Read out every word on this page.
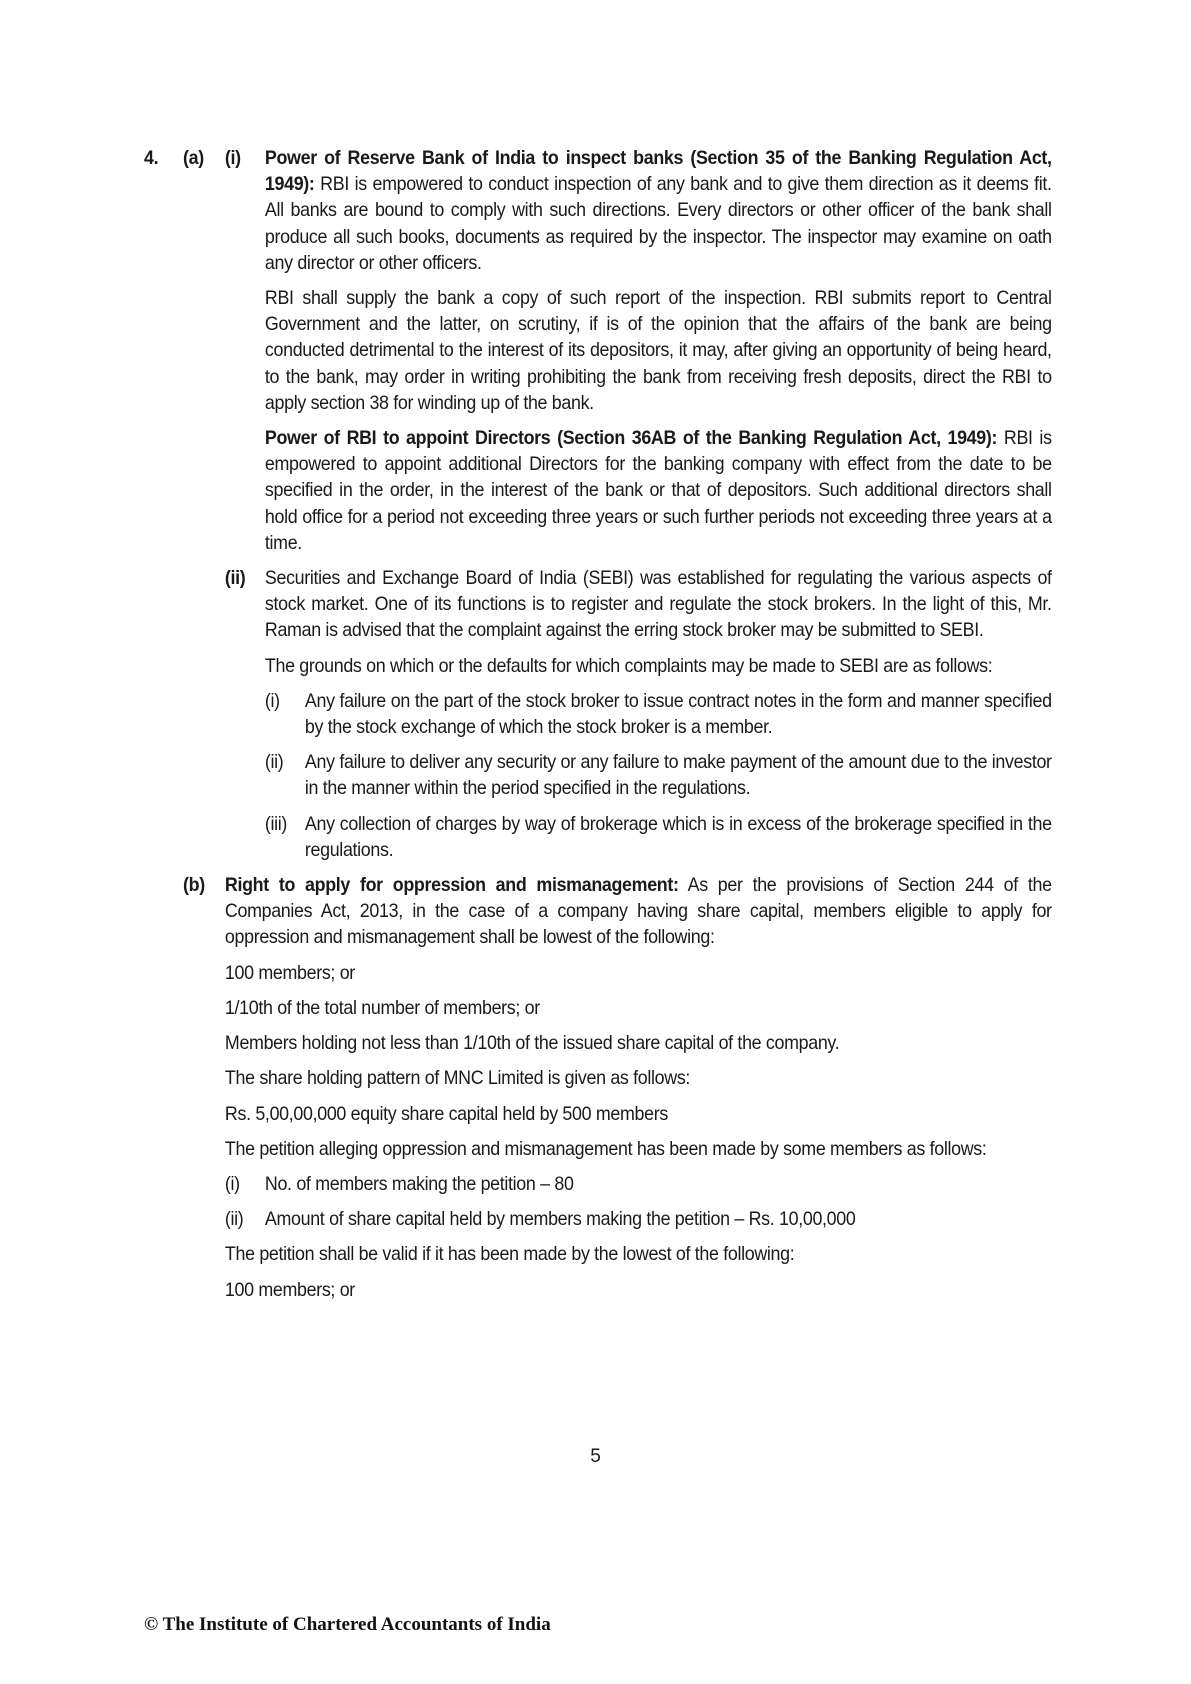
4. (a) (i) Power of Reserve Bank of India to inspect banks (Section 35 of the Banking Regulation Act, 1949): RBI is empowered to conduct inspection of any bank and to give them direction as it deems fit. All banks are bound to comply with such directions. Every directors or other officer of the bank shall produce all such books, documents as required by the inspector. The inspector may examine on oath any director or other officers.

RBI shall supply the bank a copy of such report of the inspection. RBI submits report to Central Government and the latter, on scrutiny, if is of the opinion that the affairs of the bank are being conducted detrimental to the interest of its depositors, it may, after giving an opportunity of being heard, to the bank, may order in writing prohibiting the bank from receiving fresh deposits, direct the RBI to apply section 38 for winding up of the bank.

Power of RBI to appoint Directors (Section 36AB of the Banking Regulation Act, 1949): RBI is empowered to appoint additional Directors for the banking company with effect from the date to be specified in the order, in the interest of the bank or that of depositors. Such additional directors shall hold office for a period not exceeding three years or such further periods not exceeding three years at a time.

(ii) Securities and Exchange Board of India (SEBI) was established for regulating the various aspects of stock market. One of its functions is to register and regulate the stock brokers. In the light of this, Mr. Raman is advised that the complaint against the erring stock broker may be submitted to SEBI.

The grounds on which or the defaults for which complaints may be made to SEBI are as follows:

(i) Any failure on the part of the stock broker to issue contract notes in the form and manner specified by the stock exchange of which the stock broker is a member.

(ii) Any failure to deliver any security or any failure to make payment of the amount due to the investor in the manner within the period specified in the regulations.

(iii) Any collection of charges by way of brokerage which is in excess of the brokerage specified in the regulations.

(b) Right to apply for oppression and mismanagement: As per the provisions of Section 244 of the Companies Act, 2013, in the case of a company having share capital, members eligible to apply for oppression and mismanagement shall be lowest of the following:

100 members; or

1/10th of the total number of members; or

Members holding not less than 1/10th of the issued share capital of the company.

The share holding pattern of MNC Limited is given as follows:

Rs. 5,00,00,000 equity share capital held by 500 members

The petition alleging oppression and mismanagement has been made by some members as follows:

(i) No. of members making the petition – 80

(ii) Amount of share capital held by members making the petition – Rs. 10,00,000

The petition shall be valid if it has been made by the lowest of the following:

100 members; or

5
© The Institute of Chartered Accountants of India
